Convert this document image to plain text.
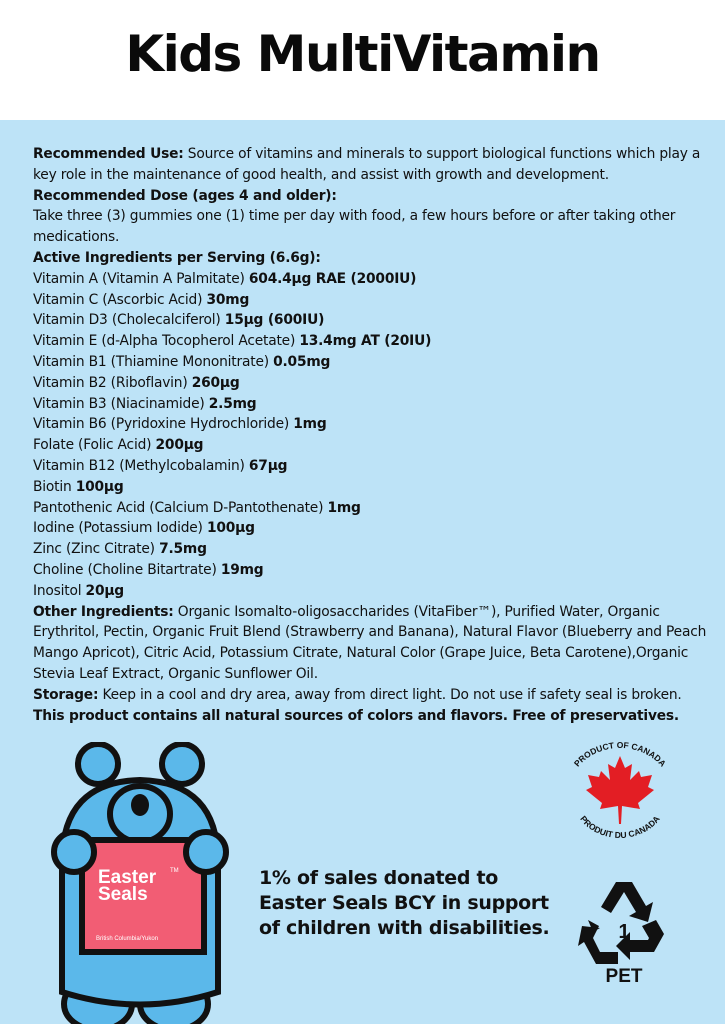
Kids MultiVitamin

Recommended Use: Source of vitamins and minerals to support biological functions which play a key role in the maintenance of good health, and assist with growth and development.

Recommended Dose (ages 4 and older):

Take three (3) gummies one (1) time per day with food, a few hours before or after taking other medications.

Active Ingredients per Serving (6.6g):

Vitamin A (Vitamin A Palmitate) 604.4μg RAE (2000IU)

Vitamin C (Ascorbic Acid) 30mg

Vitamin D3 (Cholecalciferol) 15μg (600IU)

Vitamin E (d-Alpha Tocopherol Acetate) 13.4mg AT (20IU)

Vitamin B1 (Thiamine Mononitrate) 0.05mg

Vitamin B2 (Riboflavin) 260μg

Vitamin B3 (Niacinamide) 2.5mg

Vitamin B6 (Pyridoxine Hydrochloride) 1mg

Folate (Folic Acid) 200μg

Vitamin B12 (Methylcobalamin) 67μg

Biotin 100μg

Pantothenic Acid (Calcium D-Pantothenate) 1mg

Iodine (Potassium Iodide) 100μg

Zinc (Zinc Citrate) 7.5mg

Choline (Choline Bitartrate) 19mg

Inositol 20μg

Other Ingredients: Organic Isomalto-oligosaccharides (VitaFiber™), Purified Water, Organic Erythritol, Pectin, Organic Fruit Blend (Strawberry and Banana), Natural Flavor (Blueberry and Peach Mango Apricot), Citric Acid, Potassium Citrate, Natural Color (Grape Juice, Beta Carotene),Organic Stevia Leaf Extract, Organic Sunflower Oil.

Storage: Keep in a cool and dry area, away from direct light. Do not use if safety seal is broken.

This product contains all natural sources of colors and flavors. Free of preservatives.

Easter
Seals
TM
British Columbia/Yukon
PRODUCT OF CANADA
PRODUIT DU CANADA
1% of sales donated to Easter Seals BCY in support of children with disabilities.	1
PET
